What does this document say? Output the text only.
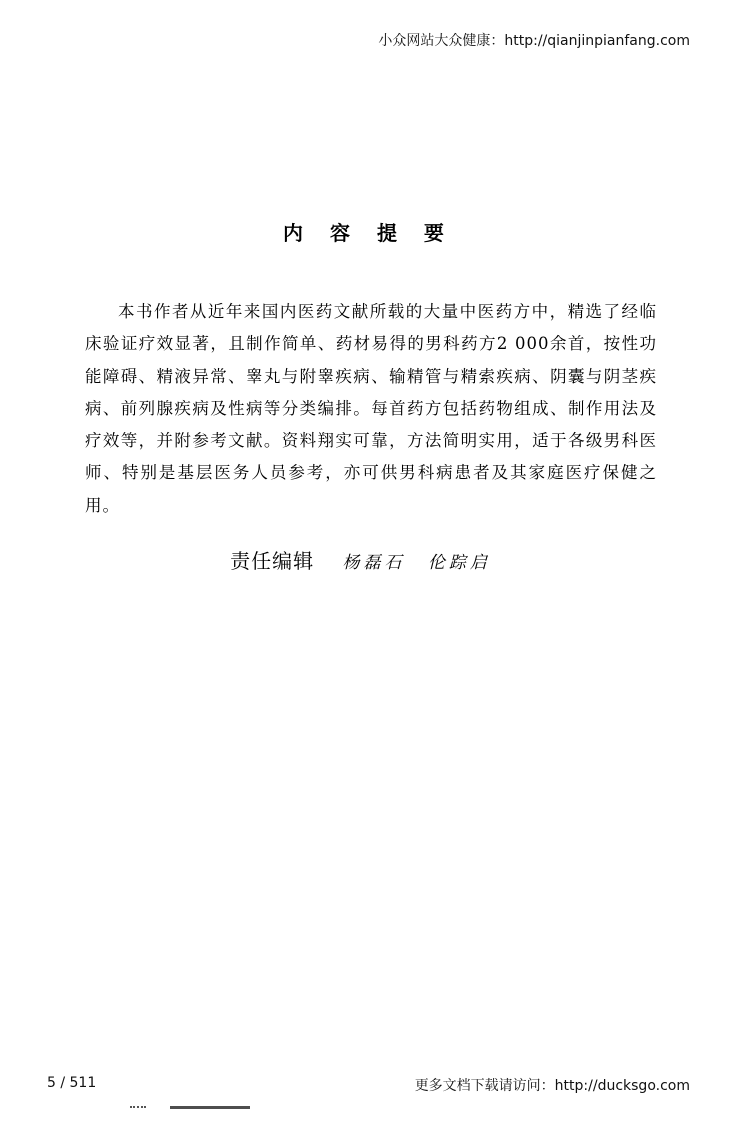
小众网站大众健康：http://qianjinpianfang.com
内 容 提 要

本书作者从近年来国内医药文献所载的大量中医药方中，精选了经临床验证疗效显著，且制作简单、药材易得的男科药方2 000余首，按性功能障碍、精液异常、睾丸与附睾疾病、输精管与精索疾病、阴囊与阴茎疾病、前列腺疾病及性病等分类编排。每首药方包括药物组成、制作用法及疗效等，并附参考文献。资料翔实可靠，方法简明实用，适于各级男科医师、特别是基层医务人员参考，亦可供男科病患者及其家庭医疗保健之用。

责任编辑 杨磊石 伦踪启
5 / 511	更多文档下载请访问：http://ducksgo.com
